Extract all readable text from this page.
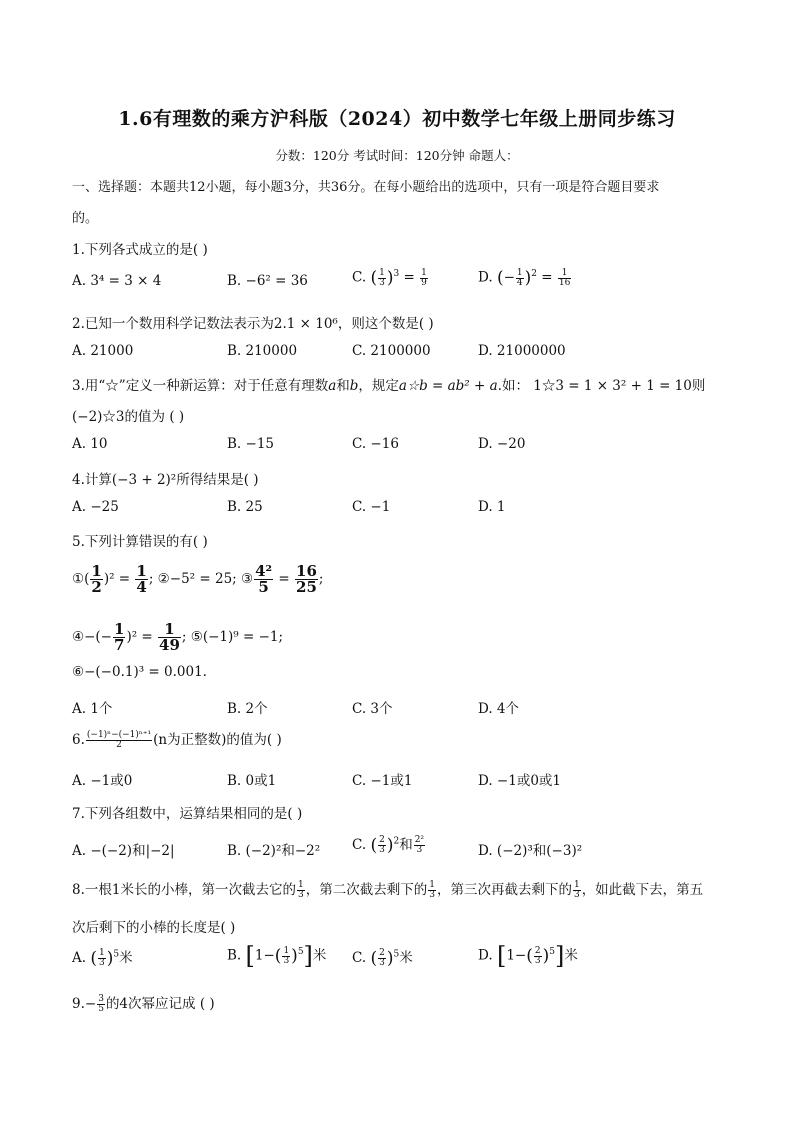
1.6有理数的乘方沪科版（2024）初中数学七年级上册同步练习
分数：120分 考试时间：120分钟 命题人：
一、选择题：本题共12小题，每小题3分，共36分。在每小题给出的选项中，只有一项是符合题目要求
的。
1.下列各式成立的是( )
A. 3⁴ = 3 × 4	B. −6² = 36	C. ( $\frac{1}{3} )^3 = \frac{1}{9}$	D. (− $\frac{1}{4} )^2 = \frac{1}{16}$
2.已知一个数用科学记数法表示为2.1 × 10⁶，则这个数是( )
A. 21000	B. 210000	C. 2100000	D. 21000000
3.用“☆”定义一种新运算：对于任意有理数a和b，规定a☆b = ab² + a.如： 1☆3 = 1 × 3² + 1 = 10则
(−2)☆3的值为 ( )
A. 10	B. −15	C. −16	D. −20
4.计算(−3 + 2)²所得结果是( )
A. −25	B. 25	C. −1	D. 1
5.下列计算错误的有( )
①( $\frac{1}{2} )^2 = \frac{1}{4}$ ; ②−5² = 25; ③ $\frac{\text{4²}}{5} = \frac{16}{25}$ ;
④−(− $\frac{1}{7} )^2 = \frac{1}{49}$ ; ⑤(−1)⁹ = −1;
⑥−(−0.1)³ = 0.001.
A. 1个	B. 2个	C. 3个	D. 4个
6. $\frac{\text{(−1)ⁿ−(−1)ⁿ⁺¹}}{2} (n$为正整数)的值为( )
A. −1或0	B. 0或1	C. −1或1	D. −1或0或1
7.下列各组数中，运算结果相同的是( )
A. −(−2)和|−2|	B. (−2)²和−2² C. ( $\frac{2}{3} )^2$和 $\frac{\text{2²}}{3}$	D. (−2)³和(−3)²
8.一根1米长的小棒，第一次截去它的 $\frac{1}{3}$ ，第二次截去剩下的 $\frac{1}{3}$ ，第三次再截去剩下的 $\frac{1}{3}$ ，如此截下去，第五
次后剩下的小棒的长度是( )
A. ( $\frac{1}{3} )^5$米	B. $[1-( \frac{1}{3} )^5]$米 C. ( $\frac{2}{3} )^5$米	D. $[1-( \frac{2}{3} )^5]$米
$9.- \frac{3}{5}$ 的4次幂应记成 ( )
